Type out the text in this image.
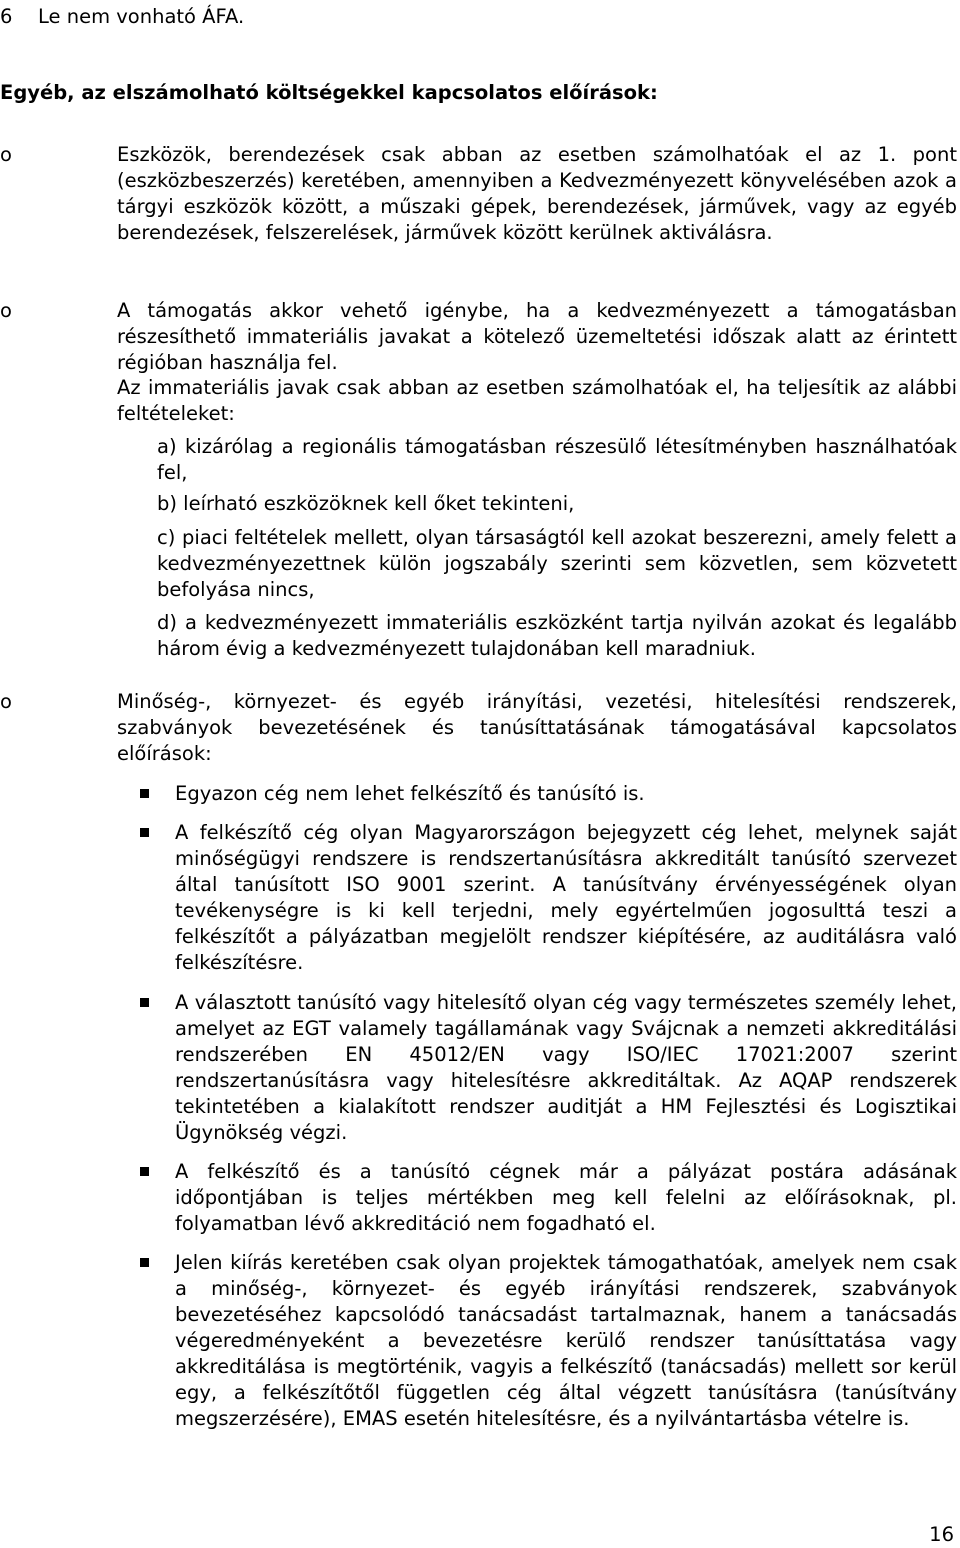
6 Le nem vonható ÁFA.

Egyéb, az elszámolható költségekkel kapcsolatos előírások:

o	Eszközök, berendezések csak abban az esetben számolhatóak el az 1. pont (eszközbeszerzés) keretében, amennyiben a Kedvezményezett könyvelésében azok a tárgyi eszközök között, a műszaki gépek, berendezések, járművek, vagy az egyéb berendezések, felszerelések, járművek között kerülnek aktiválásra.

o	A támogatás akkor vehető igénybe, ha a kedvezményezett a támogatásban részesíthető immateriális javakat a kötelező üzemeltetési időszak alatt az érintett régióban használja fel.

Az immateriális javak csak abban az esetben számolhatóak el, ha teljesítik az alábbi feltételeket:

a) kizárólag a regionális támogatásban részesülő létesítményben használhatóak fel,

b) leírható eszközöknek kell őket tekinteni,

c) piaci feltételek mellett, olyan társaságtól kell azokat beszerezni, amely felett a kedvezményezettnek külön jogszabály szerinti sem közvetlen, sem közvetett befolyása nincs,

d) a kedvezményezett immateriális eszközként tartja nyilván azokat és legalább három évig a kedvezményezett tulajdonában kell maradniuk.

o	Minőség-, környezet- és egyéb irányítási, vezetési, hitelesítési rendszerek, szabványok bevezetésének és tanúsíttatásának támogatásával kapcsolatos előírások:

Egyazon cég nem lehet felkészítő és tanúsító is.

A felkészítő cég olyan Magyarországon bejegyzett cég lehet, melynek saját minőségügyi rendszere is rendszertanúsításra akkreditált tanúsító szervezet által tanúsított ISO 9001 szerint. A tanúsítvány érvényességének olyan tevékenységre is ki kell terjedni, mely egyértelműen jogosulttá teszi a felkészítőt a pályázatban megjelölt rendszer kiépítésére, az auditálásra való felkészítésre.

A választott tanúsító vagy hitelesítő olyan cég vagy természetes személy lehet, amelyet az EGT valamely tagállamának vagy Svájcnak a nemzeti akkreditálási rendszerében EN 45012/EN vagy ISO/IEC 17021:2007 szerint rendszertanúsításra vagy hitelesítésre akkreditáltak. Az AQAP rendszerek tekintetében a kialakított rendszer auditját a HM Fejlesztési és Logisztikai Ügynökség végzi.

A felkészítő és a tanúsító cégnek már a pályázat postára adásának időpontjában is teljes mértékben meg kell felelni az előírásoknak, pl. folyamatban lévő akkreditáció nem fogadható el.

Jelen kiírás keretében csak olyan projektek támogathatóak, amelyek nem csak a minőség-, környezet- és egyéb irányítási rendszerek, szabványok bevezetéséhez kapcsolódó tanácsadást tartalmaznak, hanem a tanácsadás végeredményeként a bevezetésre kerülő rendszer tanúsíttatása vagy akkreditálása is megtörténik, vagyis a felkészítő (tanácsadás) mellett sor kerül egy, a felkészítőtől független cég által végzett tanúsításra (tanúsítvány megszerzésére), EMAS esetén hitelesítésre, és a nyilvántartásba vételre is.

16
